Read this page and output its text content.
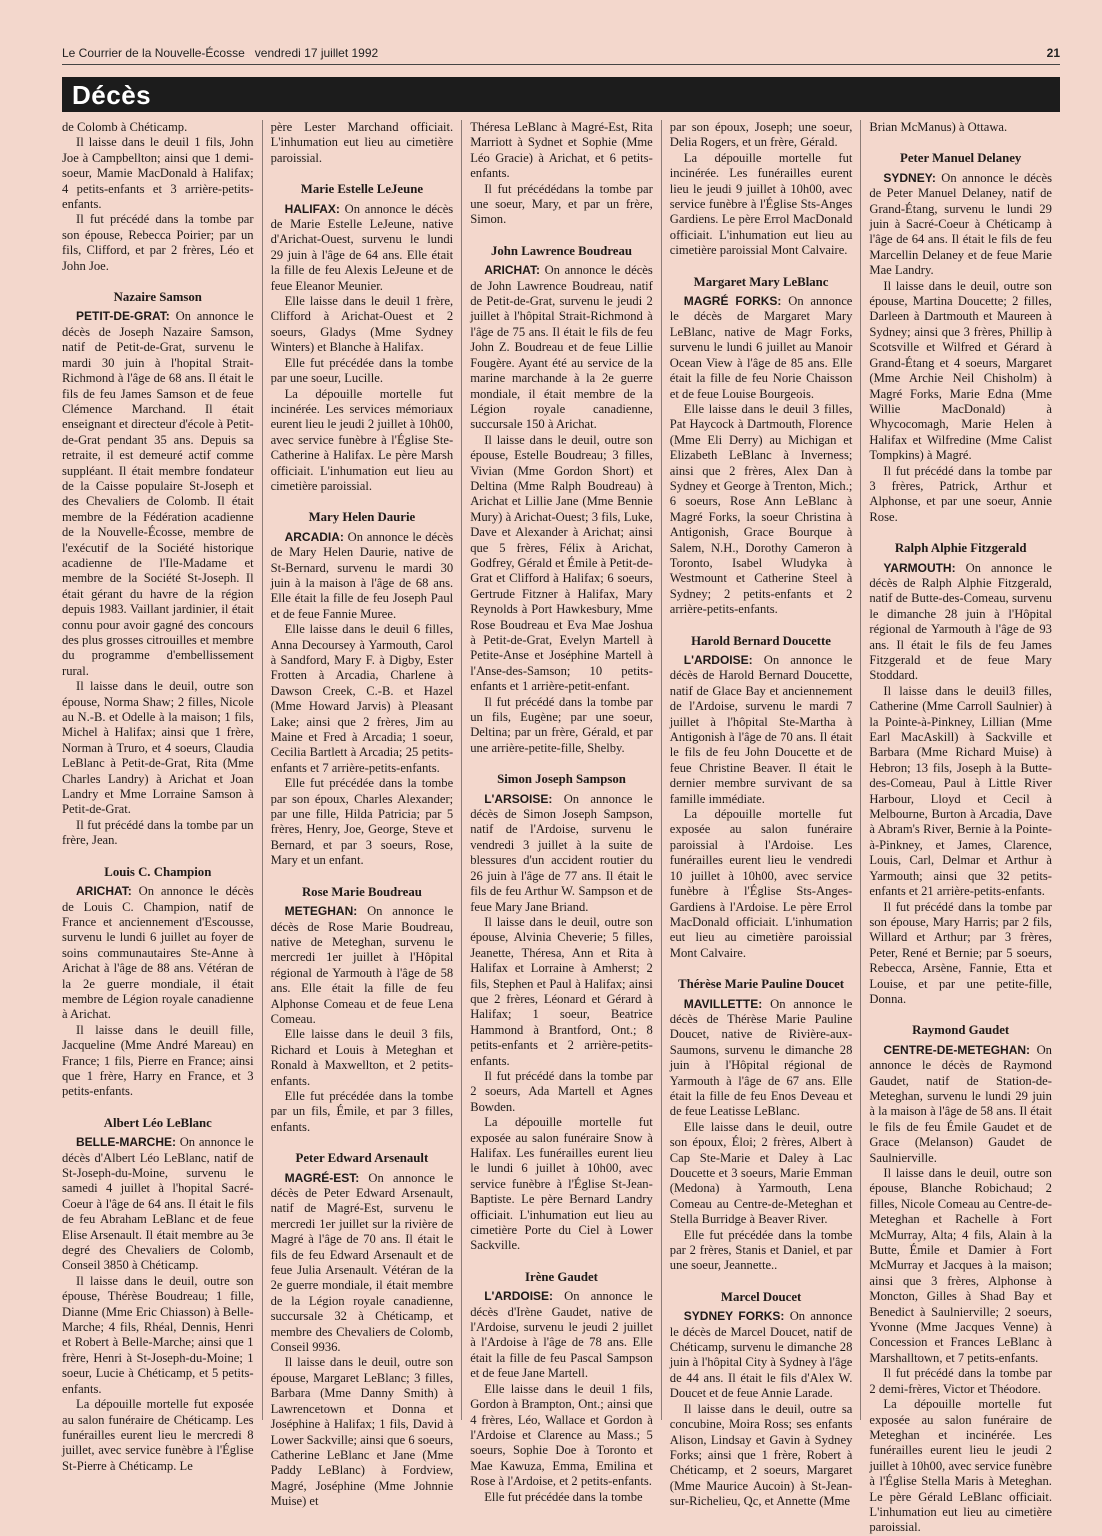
Le Courrier de la Nouvelle-Écosse vendredi 17 juillet 1992	21
Décès

de Colomb à Chéticamp.

Il laisse dans le deuil 1 fils, John Joe à Campbellton; ainsi que 1 demi-soeur, Mamie MacDonald à Halifax; 4 petits-enfants et 3 arrière-petits-enfants.

Il fut précédé dans la tombe par son épouse, Rebecca Poirier; par un fils, Clifford, et par 2 frères, Léo et John Joe.

Nazaire Samson

PETIT-DE-GRAT: On annonce le décès de Joseph Nazaire Samson, natif de Petit-de-Grat, survenu le mardi 30 juin à l'hopital Strait-Richmond à l'âge de 68 ans. Il était le fils de feu James Samson et de feue Clémence Marchand. Il était enseignant et directeur d'école à Petit-de-Grat pendant 35 ans. Depuis sa retraite, il est demeuré actif comme suppléant. Il était membre fondateur de la Caisse populaire St-Joseph et des Chevaliers de Colomb. Il était membre de la Fédération acadienne de la Nouvelle-Écosse, membre de l'exécutif de la Société historique acadienne de l'Ile-Madame et membre de la Société St-Joseph. Il était gérant du havre de la région depuis 1983. Vaillant jardinier, il était connu pour avoir gagné des concours des plus grosses citrouilles et membre du programme d'embellissement rural.

Il laisse dans le deuil, outre son épouse, Norma Shaw; 2 filles, Nicole au N.-B. et Odelle à la maison; 1 fils, Michel à Halifax; ainsi que 1 frère, Norman à Truro, et 4 soeurs, Claudia LeBlanc à Petit-de-Grat, Rita (Mme Charles Landry) à Arichat et Joan Landry et Mme Lorraine Samson à Petit-de-Grat.

Il fut précédé dans la tombe par un frère, Jean.

Louis C. Champion

ARICHAT: On annonce le décès de Louis C. Champion, natif de France et anciennement d'Escousse, survenu le lundi 6 juillet au foyer de soins communautaires Ste-Anne à Arichat à l'âge de 88 ans. Vétéran de la 2e guerre mondiale, il était membre de Légion royale canadienne à Arichat.

Il laisse dans le deuill fille, Jacqueline (Mme André Mareau) en France; 1 fils, Pierre en France; ainsi que 1 frère, Harry en France, et 3 petits-enfants.

Albert Léo LeBlanc

BELLE-MARCHE: On annonce le décès d'Albert Léo LeBlanc, natif de St-Joseph-du-Moine, survenu le samedi 4 juillet à l'hopital Sacré-Coeur à l'âge de 64 ans. Il était le fils de feu Abraham LeBlanc et de feue Elise Arsenault. Il était membre au 3e degré des Chevaliers de Colomb, Conseil 3850 à Chéticamp.

Il laisse dans le deuil, outre son épouse, Thérèse Boudreau; 1 fille, Dianne (Mme Eric Chiasson) à Belle-Marche; 4 fils, Rhéal, Dennis, Henri et Robert à Belle-Marche; ainsi que 1 frère, Henri à St-Joseph-du-Moine; 1 soeur, Lucie à Chéticamp, et 5 petits-enfants.

La dépouille mortelle fut exposée au salon funéraire de Chéticamp. Les funérailles eurent lieu le mercredi 8 juillet, avec service funèbre à l'Église St-Pierre à Chéticamp. Le

père Lester Marchand officiait. L'inhumation eut lieu au cimetière paroissial.

Marie Estelle LeJeune

HALIFAX: On annonce le décès de Marie Estelle LeJeune, native d'Arichat-Ouest, survenu le lundi 29 juin à l'âge de 64 ans. Elle était la fille de feu Alexis LeJeune et de feue Eleanor Meunier.

Elle laisse dans le deuil 1 frère, Clifford à Arichat-Ouest et 2 soeurs, Gladys (Mme Sydney Winters) et Blanche à Halifax.

Elle fut précédée dans la tombe par une soeur, Lucille.

La dépouille mortelle fut incinérée. Les services mémoriaux eurent lieu le jeudi 2 juillet à 10h00, avec service funèbre à l'Église Ste-Catherine à Halifax. Le père Marsh officiait. L'inhumation eut lieu au cimetière paroissial.

Mary Helen Daurie

ARCADIA: On annonce le décès de Mary Helen Daurie, native de St-Bernard, survenu le mardi 30 juin à la maison à l'âge de 68 ans. Elle était la fille de feu Joseph Paul et de feue Fannie Muree.

Elle laisse dans le deuil 6 filles, Anna Decoursey à Yarmouth, Carol à Sandford, Mary F. à Digby, Ester Frotten à Arcadia, Charlene à Dawson Creek, C.-B. et Hazel (Mme Howard Jarvis) à Pleasant Lake; ainsi que 2 frères, Jim au Maine et Fred à Arcadia; 1 soeur, Cecilia Bartlett à Arcadia; 25 petits-enfants et 7 arrière-petits-enfants.

Elle fut précédée dans la tombe par son époux, Charles Alexander; par une fille, Hilda Patricia; par 5 frères, Henry, Joe, George, Steve et Bernard, et par 3 soeurs, Rose, Mary et un enfant.

Rose Marie Boudreau

METEGHAN: On annonce le décès de Rose Marie Boudreau, native de Meteghan, survenu le mercredi 1er juillet à l'Hôpital régional de Yarmouth à l'âge de 58 ans. Elle était la fille de feu Alphonse Comeau et de feue Lena Comeau.

Elle laisse dans le deuil 3 fils, Richard et Louis à Meteghan et Ronald à Maxwellton, et 2 petits-enfants.

Elle fut précédée dans la tombe par un fils, Émile, et par 3 filles, enfants.

Peter Edward Arsenault

MAGRÉ-EST: On annonce le décès de Peter Edward Arsenault, natif de Magré-Est, survenu le mercredi 1er juillet sur la rivière de Magré à l'âge de 70 ans. Il était le fils de feu Edward Arsenault et de feue Julia Arsenault. Vétéran de la 2e guerre mondiale, il était membre de la Légion royale canadienne, succursale 32 à Chéticamp, et membre des Chevaliers de Colomb, Conseil 9936.

Il laisse dans le deuil, outre son épouse, Margaret LeBlanc; 3 filles, Barbara (Mme Danny Smith) à Lawrencetown et Donna et Joséphine à Halifax; 1 fils, David à Lower Sackville; ainsi que 6 soeurs, Catherine LeBlanc et Jane (Mme Paddy LeBlanc) à Fordview, Magré, Joséphine (Mme Johnnie Muise) et

Théresa LeBlanc à Magré-Est, Rita Marriott à Sydnet et Sophie (Mme Léo Gracie) à Arichat, et 6 petits-enfants.

Il fut précédédans la tombe par une soeur, Mary, et par un frère, Simon.

John Lawrence Boudreau

ARICHAT: On annonce le décès de John Lawrence Boudreau, natif de Petit-de-Grat, survenu le jeudi 2 juillet à l'hôpital Strait-Richmond à l'âge de 75 ans. Il était le fils de feu John Z. Boudreau et de feue Lillie Fougère. Ayant été au service de la marine marchande à la 2e guerre mondiale, il était membre de la Légion royale canadienne, succursale 150 à Arichat.

Il laisse dans le deuil, outre son épouse, Estelle Boudreau; 3 filles, Vivian (Mme Gordon Short) et Deltina (Mme Ralph Boudreau) à Arichat et Lillie Jane (Mme Bennie Mury) à Arichat-Ouest; 3 fils, Luke, Dave et Alexander à Arichat; ainsi que 5 frères, Félix à Arichat, Godfrey, Gérald et Émile à Petit-de-Grat et Clifford à Halifax; 6 soeurs, Gertrude Fitzner à Halifax, Mary Reynolds à Port Hawkesbury, Mme Rose Boudreau et Eva Mae Joshua à Petit-de-Grat, Evelyn Martell à Petite-Anse et Joséphine Martell à l'Anse-des-Samson; 10 petits-enfants et 1 arrière-petit-enfant.

Il fut précédé dans la tombe par un fils, Eugène; par une soeur, Deltina; par un frère, Gérald, et par une arrière-petite-fille, Shelby.

Simon Joseph Sampson

L'ARSOISE: On annonce le décès de Simon Joseph Sampson, natif de l'Ardoise, survenu le vendredi 3 juillet à la suite de blessures d'un accident routier du 26 juin à l'âge de 77 ans. Il était le fils de feu Arthur W. Sampson et de feue Mary Jane Briand.

Il laisse dans le deuil, outre son épouse, Alvinia Cheverie; 5 filles, Jeanette, Théresa, Ann et Rita à Halifax et Lorraine à Amherst; 2 fils, Stephen et Paul à Halifax; ainsi que 2 frères, Léonard et Gérard à Halifax; 1 soeur, Beatrice Hammond à Brantford, Ont.; 8 petits-enfants et 2 arrière-petits-enfants.

Il fut précédé dans la tombe par 2 soeurs, Ada Martell et Agnes Bowden.

La dépouille mortelle fut exposée au salon funéraire Snow à Halifax. Les funérailles eurent lieu le lundi 6 juillet à 10h00, avec service funèbre à l'Église St-Jean-Baptiste. Le père Bernard Landry officiait. L'inhumation eut lieu au cimetière Porte du Ciel à Lower Sackville.

Irène Gaudet

L'ARDOISE: On annonce le décès d'Irène Gaudet, native de l'Ardoise, survenu le jeudi 2 juillet à l'Ardoise à l'âge de 78 ans. Elle était la fille de feu Pascal Sampson et de feue Jane Martell.

Elle laisse dans le deuil 1 fils, Gordon à Brampton, Ont.; ainsi que 4 frères, Léo, Wallace et Gordon à l'Ardoise et Clarence au Mass.; 5 soeurs, Sophie Doe à Toronto et Mae Kawuza, Emma, Emilina et Rose à l'Ardoise, et 2 petits-enfants.

Elle fut précédée dans la tombe

par son époux, Joseph; une soeur, Delia Rogers, et un frère, Gérald.

La dépouille mortelle fut incinérée. Les funérailles eurent lieu le jeudi 9 juillet à 10h00, avec service funèbre à l'Église Sts-Anges Gardiens. Le père Errol MacDonald officiait. L'inhumation eut lieu au cimetière paroissial Mont Calvaire.

Margaret Mary LeBlanc

MAGRÉ FORKS: On annonce le décès de Margaret Mary LeBlanc, native de Magr Forks, survenu le lundi 6 juillet au Manoir Ocean View à l'âge de 85 ans. Elle était la fille de feu Norie Chaisson et de feue Louise Bourgeois.

Elle laisse dans le deuil 3 filles, Pat Haycock à Dartmouth, Florence (Mme Eli Derry) au Michigan et Elizabeth LeBlanc à Inverness; ainsi que 2 frères, Alex Dan à Sydney et George à Trenton, Mich.; 6 soeurs, Rose Ann LeBlanc à Magré Forks, la soeur Christina à Antigonish, Grace Bourque à Salem, N.H., Dorothy Cameron à Toronto, Isabel Wludyka à Westmount et Catherine Steel à Sydney; 2 petits-enfants et 2 arrière-petits-enfants.

Harold Bernard Doucette

L'ARDOISE: On annonce le décès de Harold Bernard Doucette, natif de Glace Bay et anciennement de l'Ardoise, survenu le mardi 7 juillet à l'hôpital Ste-Martha à Antigonish à l'âge de 70 ans. Il était le fils de feu John Doucette et de feue Christine Beaver. Il était le dernier membre survivant de sa famille immédiate.

La dépouille mortelle fut exposée au salon funéraire paroissial à l'Ardoise. Les funérailles eurent lieu le vendredi 10 juillet à 10h00, avec service funèbre à l'Église Sts-Anges-Gardiens à l'Ardoise. Le père Errol MacDonald officiait. L'inhumation eut lieu au cimetière paroissial Mont Calvaire.

Thérèse Marie Pauline Doucet

MAVILLETTE: On annonce le décès de Thérèse Marie Pauline Doucet, native de Rivière-aux-Saumons, survenu le dimanche 28 juin à l'Hôpital régional de Yarmouth à l'âge de 67 ans. Elle était la fille de feu Enos Deveau et de feue Leatisse LeBlanc.

Elle laisse dans le deuil, outre son époux, Éloi; 2 frères, Albert à Cap Ste-Marie et Daley à Lac Doucette et 3 soeurs, Marie Emman (Medona) à Yarmouth, Lena Comeau au Centre-de-Meteghan et Stella Burridge à Beaver River.

Elle fut précédée dans la tombe par 2 frères, Stanis et Daniel, et par une soeur, Jeannette..

Marcel Doucet

SYDNEY FORKS: On annonce le décès de Marcel Doucet, natif de Chéticamp, survenu le dimanche 28 juin à l'hôpital City à Sydney à l'âge de 44 ans. Il était le fils d'Alex W. Doucet et de feue Annie Larade.

Il laisse dans le deuil, outre sa concubine, Moira Ross; ses enfants Alison, Lindsay et Gavin à Sydney Forks; ainsi que 1 frère, Robert à Chéticamp, et 2 soeurs, Margaret (Mme Maurice Aucoin) à St-Jean-sur-Richelieu, Qc, et Annette (Mme

Brian McManus) à Ottawa.

Peter Manuel Delaney

SYDNEY: On annonce le décès de Peter Manuel Delaney, natif de Grand-Étang, survenu le lundi 29 juin à Sacré-Coeur à Chéticamp à l'âge de 64 ans. Il était le fils de feu Marcellin Delaney et de feue Marie Mae Landry.

Il laisse dans le deuil, outre son épouse, Martina Doucette; 2 filles, Darleen à Dartmouth et Maureen à Sydney; ainsi que 3 frères, Phillip à Scotsville et Wilfred et Gérard à Grand-Étang et 4 soeurs, Margaret (Mme Archie Neil Chisholm) à Magré Forks, Marie Edna (Mme Willie MacDonald) à Whycocomagh, Marie Helen à Halifax et Wilfredine (Mme Calist Tompkins) à Magré.

Il fut précédé dans la tombe par 3 frères, Patrick, Arthur et Alphonse, et par une soeur, Annie Rose.

Ralph Alphie Fitzgerald

YARMOUTH: On annonce le décès de Ralph Alphie Fitzgerald, natif de Butte-des-Comeau, survenu le dimanche 28 juin à l'Hôpital régional de Yarmouth à l'âge de 93 ans. Il était le fils de feu James Fitzgerald et de feue Mary Stoddard.

Il laisse dans le deuil3 filles, Catherine (Mme Carroll Saulnier) à la Pointe-à-Pinkney, Lillian (Mme Earl MacAskill) à Sackville et Barbara (Mme Richard Muise) à Hebron; 13 fils, Joseph à la Butte-des-Comeau, Paul à Little River Harbour, Lloyd et Cecil à Melbourne, Burton à Arcadia, Dave à Abram's River, Bernie à la Pointe-à-Pinkney, et James, Clarence, Louis, Carl, Delmar et Arthur à Yarmouth; ainsi que 32 petits-enfants et 21 arrière-petits-enfants.

Il fut précédé dans la tombe par son épouse, Mary Harris; par 2 fils, Willard et Arthur; par 3 frères, Peter, René et Bernie; par 5 soeurs, Rebecca, Arsène, Fannie, Etta et Louise, et par une petite-fille, Donna.

Raymond Gaudet

CENTRE-DE-METEGHAN: On annonce le décès de Raymond Gaudet, natif de Station-de-Meteghan, survenu le lundi 29 juin à la maison à l'âge de 58 ans. Il était le fils de feu Émile Gaudet et de Grace (Melanson) Gaudet de Saulnierville.

Il laisse dans le deuil, outre son épouse, Blanche Robichaud; 2 filles, Nicole Comeau au Centre-de-Meteghan et Rachelle à Fort McMurray, Alta; 4 fils, Alain à la Butte, Émile et Damier à Fort McMurray et Jacques à la maison; ainsi que 3 frères, Alphonse à Moncton, Gilles à Shad Bay et Benedict à Saulnierville; 2 soeurs, Yvonne (Mme Jacques Venne) à Concession et Frances LeBlanc à Marshalltown, et 7 petits-enfants.

Il fut précédé dans la tombe par 2 demi-frères, Victor et Théodore.

La dépouille mortelle fut exposée au salon funéraire de Meteghan et incinérée. Les funérailles eurent lieu le jeudi 2 juillet à 10h00, avec service funèbre à l'Église Stella Maris à Meteghan. Le père Gérald LeBlanc officiait. L'inhumation eut lieu au cimetière paroissial.
